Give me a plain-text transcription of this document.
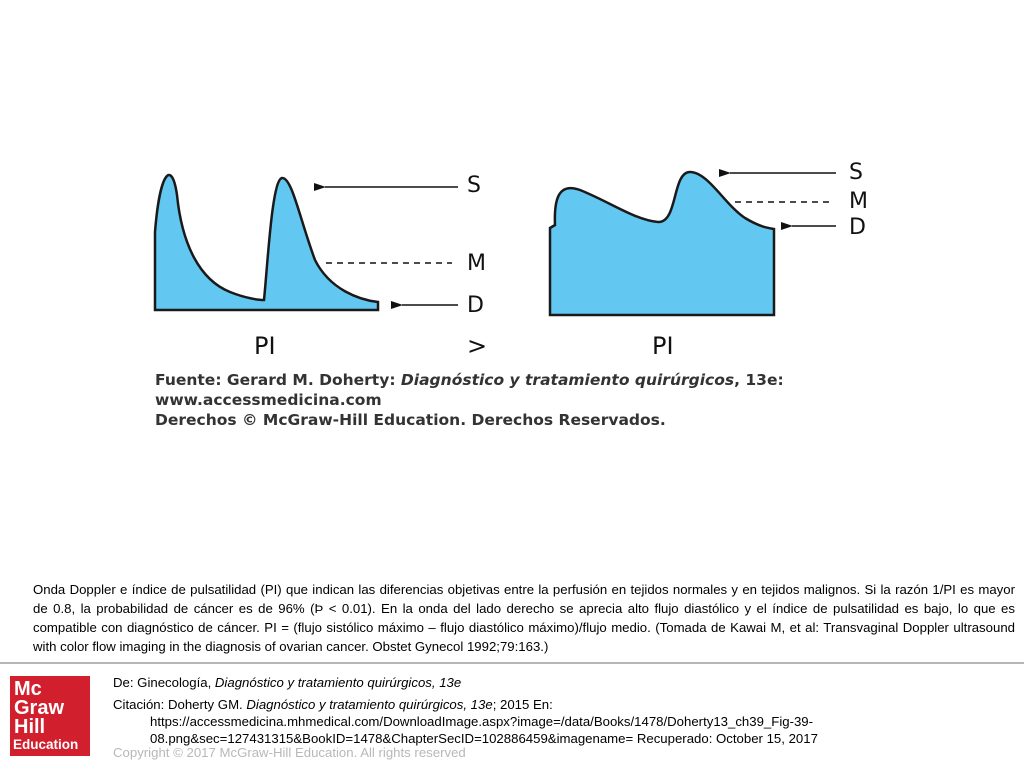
S
M
D
S
M
D
PI	>	PI
Fuente: Gerard M. Doherty: Diagnóstico y tratamiento quirúrgicos, 13e:
www.accessmedicina.com
Derechos © McGraw-Hill Education. Derechos Reservados.
Onda Doppler e índice de pulsatilidad (PI) que indican las diferencias objetivas entre la perfusión en tejidos normales y en tejidos malignos. Si la razón 1/PI es mayor de 0.8, la probabilidad de cáncer es de 96% (Þ < 0.01). En la onda del lado derecho se aprecia alto flujo diastólico y el índice de pulsatilidad es bajo, lo que es compatible con diagnóstico de cáncer. PI = (flujo sistólico máximo – flujo diastólico máximo)/flujo medio. (Tomada de Kawai M, et al: Transvaginal Doppler ultrasound with color flow imaging in the diagnosis of ovarian cancer. Obstet Gynecol 1992;79:163.)
Mc
Graw
Hill
Education
De: Ginecología, Diagnóstico y tratamiento quirúrgicos, 13e
Citación: Doherty GM. Diagnóstico y tratamiento quirúrgicos, 13e; 2015 En:
https://accessmedicina.mhmedical.com/DownloadImage.aspx?image=/data/Books/1478/Doherty13_ch39_Fig-39-
08.png&sec=127431315&BookID=1478&ChapterSecID=102886459&imagename= Recuperado: October 15, 2017
Copyright © 2017 McGraw-Hill Education. All rights reserved
